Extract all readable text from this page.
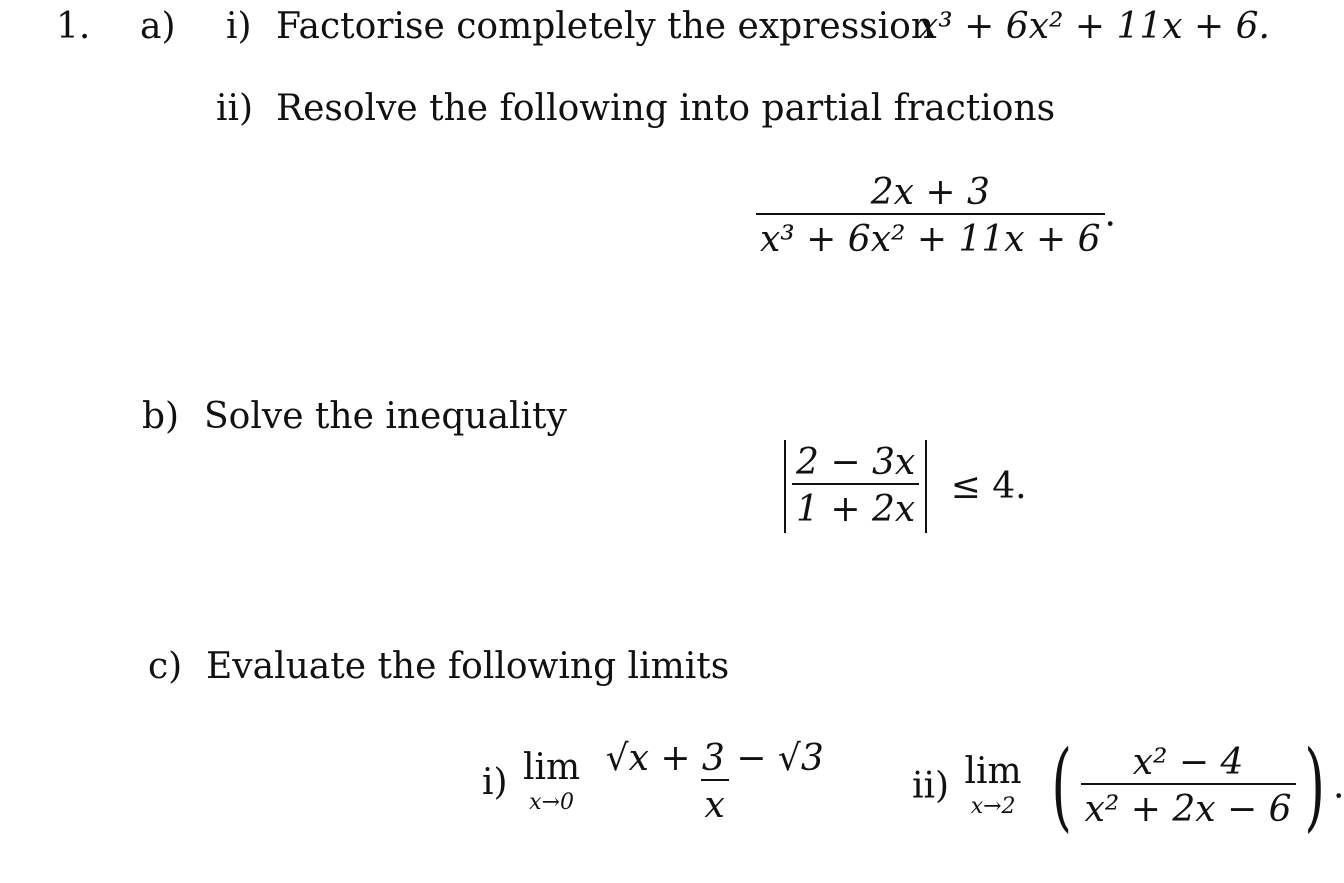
1. a) i) Factorise completely the expression
x³ + 6x² + 11x + 6.
ii) Resolve the following into partial fractions
$\frac{2x + 3}{\text{x³ + 6x² + 11x + 6}}$ .
b) Solve the inequality
$\frac{2 - 3x}{1 + 2x} \le 4$.
c) Evaluate the following limits
i) lim
x→0
$\frac{√x + 3 - √3}{x} ii$) lim
x→2 ( $\frac{\text{x² − 4}}{\text{x² + 2x − 6}}$ ) .
